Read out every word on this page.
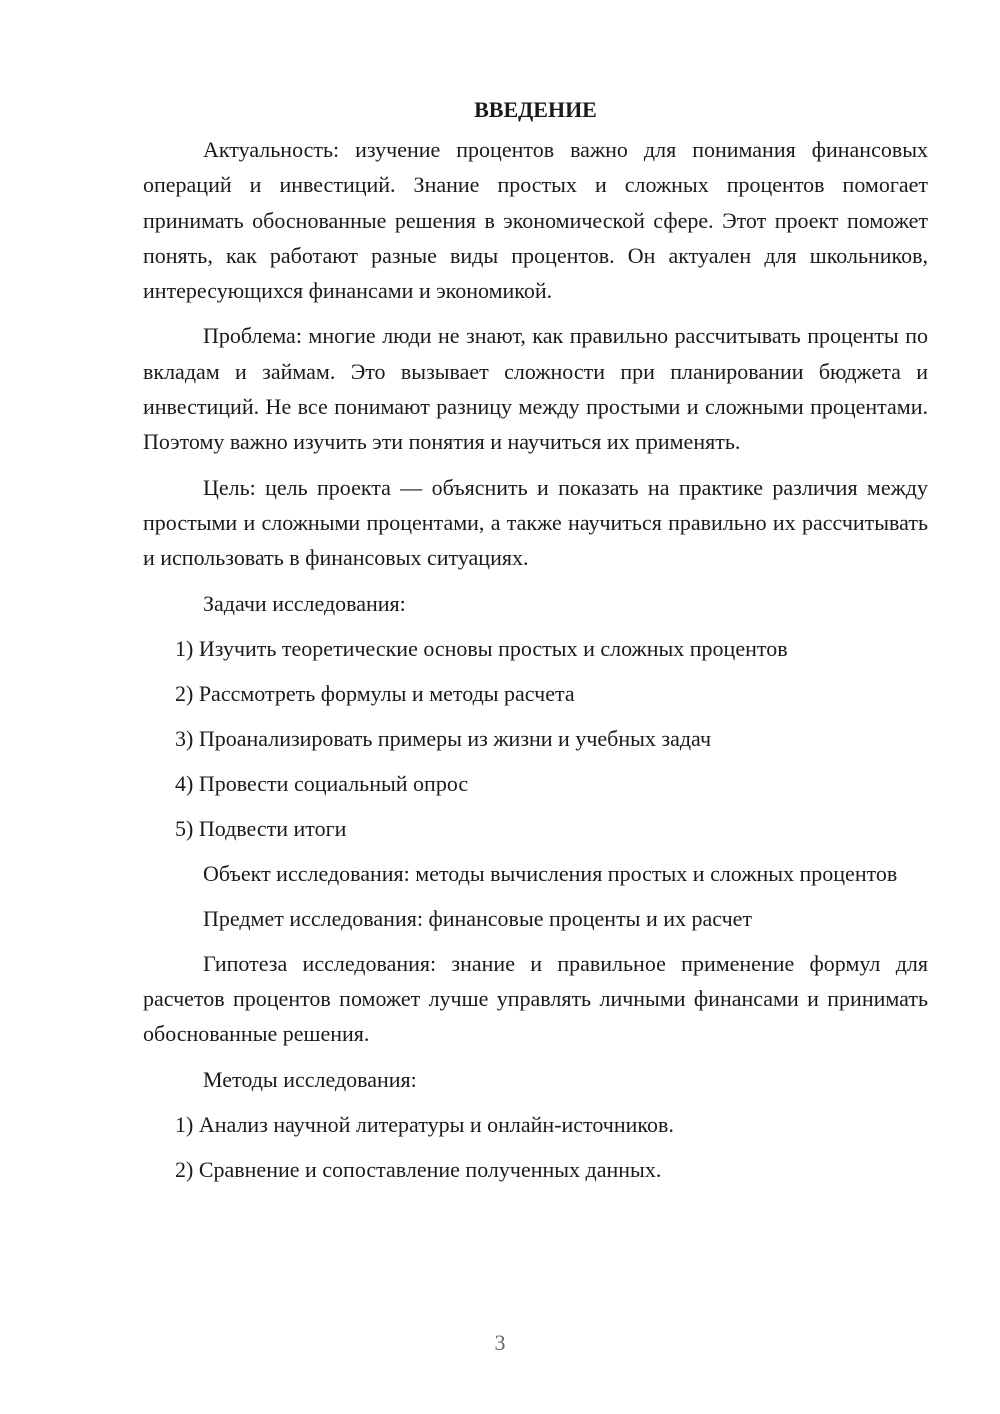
ВВЕДЕНИЕ

Актуальность: изучение процентов важно для понимания финансовых операций и инвестиций. Знание простых и сложных процентов помогает принимать обоснованные решения в экономической сфере. Этот проект поможет понять, как работают разные виды процентов. Он актуален для школьников, интересующихся финансами и экономикой.

Проблема: многие люди не знают, как правильно рассчитывать проценты по вкладам и займам. Это вызывает сложности при планировании бюджета и инвестиций. Не все понимают разницу между простыми и сложными процентами. Поэтому важно изучить эти понятия и научиться их применять.

Цель: цель проекта — объяснить и показать на практике различия между простыми и сложными процентами, а также научиться правильно их рассчитывать и использовать в финансовых ситуациях.

Задачи исследования:

1) Изучить теоретические основы простых и сложных процентов
2) Рассмотреть формулы и методы расчета
3) Проанализировать примеры из жизни и учебных задач
4) Провести социальный опрос
5) Подвести итоги

Объект исследования: методы вычисления простых и сложных процентов

Предмет исследования: финансовые проценты и их расчет

Гипотеза исследования: знание и правильное применение формул для расчетов процентов поможет лучше управлять личными финансами и принимать обоснованные решения.

Методы исследования:

1) Анализ научной литературы и онлайн-источников.
2) Сравнение и сопоставление полученных данных.
3
